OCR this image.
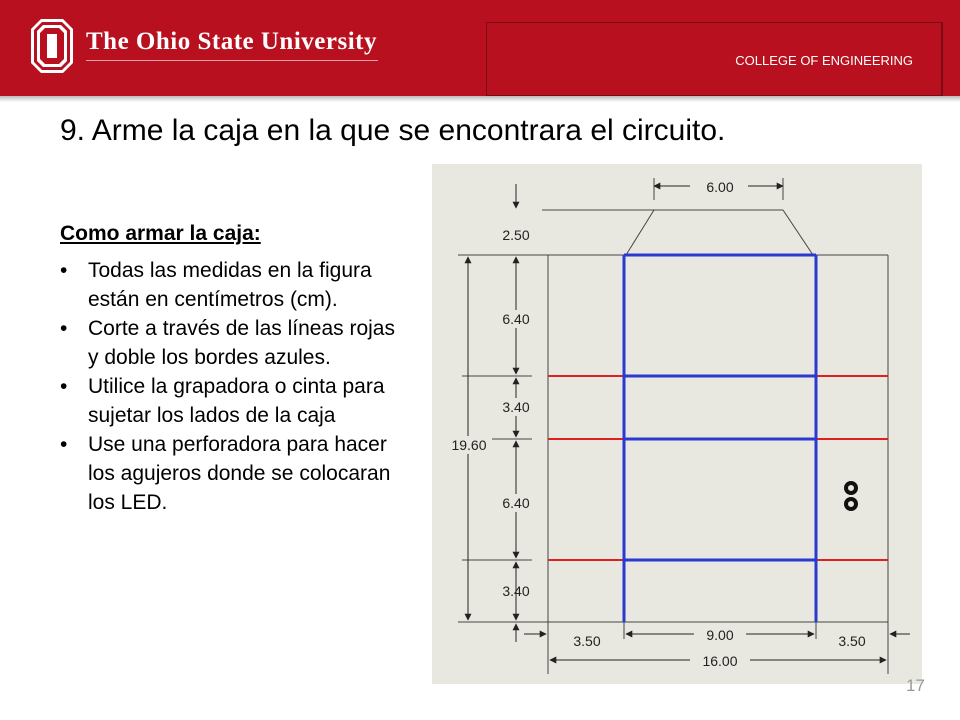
The Ohio State University
COLLEGE OF ENGINEERING
9. Arme la caja en la que se encontrara el circuito.
Como armar la caja:
• Todas las medidas en la figura están en centímetros (cm).
• Corte a través de las líneas rojas y doble los bordes azules.
• Utilice la grapadora o cinta para sujetar los lados de la caja
• Use una perforadora para hacer los agujeros donde se colocaran los LED.
6.00
2.50
6.40
3.40
19.60
6.40
3.40
3.50	9.00	3.50
16.00
17
